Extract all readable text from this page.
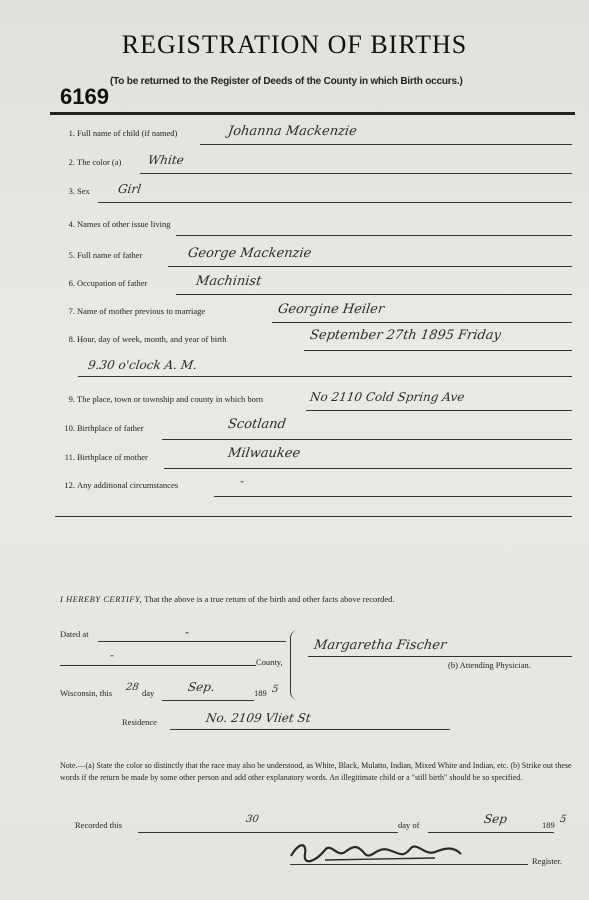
REGISTRATION OF BIRTHS
(To be returned to the Register of Deeds of the County in which Birth occurs.)
6169
1. Full name of child (if named)	Johanna Mackenzie
2. The color (a) White
3. Sex Girl
4. Names of other issue living
5. Full name of father	George Mackenzie
6. Occupation of father	Machinist
7. Name of mother previous to marriage	Georgine Heiler
8. Hour, day of week, month, and year of birth	September 27th 1895 Friday
9.30 o'clock A. M.
9. The place, town or township and county in which born	No 2110 Cold Spring Ave
10. Birthplace of father	Scotland
11. Birthplace of mother	Milwaukee
12. Any additional circumstances	-
I HEREBY CERTIFY, That the above is a true return of the birth and other facts above recorded.
Dated at	-
-	County,
Wisconsin, this 28 day	Sep.	189 5
Margaretha Fischer
(b) Attending Physician.
Residence	No. 2109 Vliet St
Note.—(a) State the color so distinctly that the race may also be understood, as White, Black, Mulatto, Indian, Mixed White and Indian, etc. (b) Strike out these words if the return be made by some other person and add other explanatory words. An illegitimate child or a "still birth" should be so specified.
Recorded this	30	day of	Sep	189 5
Register.
